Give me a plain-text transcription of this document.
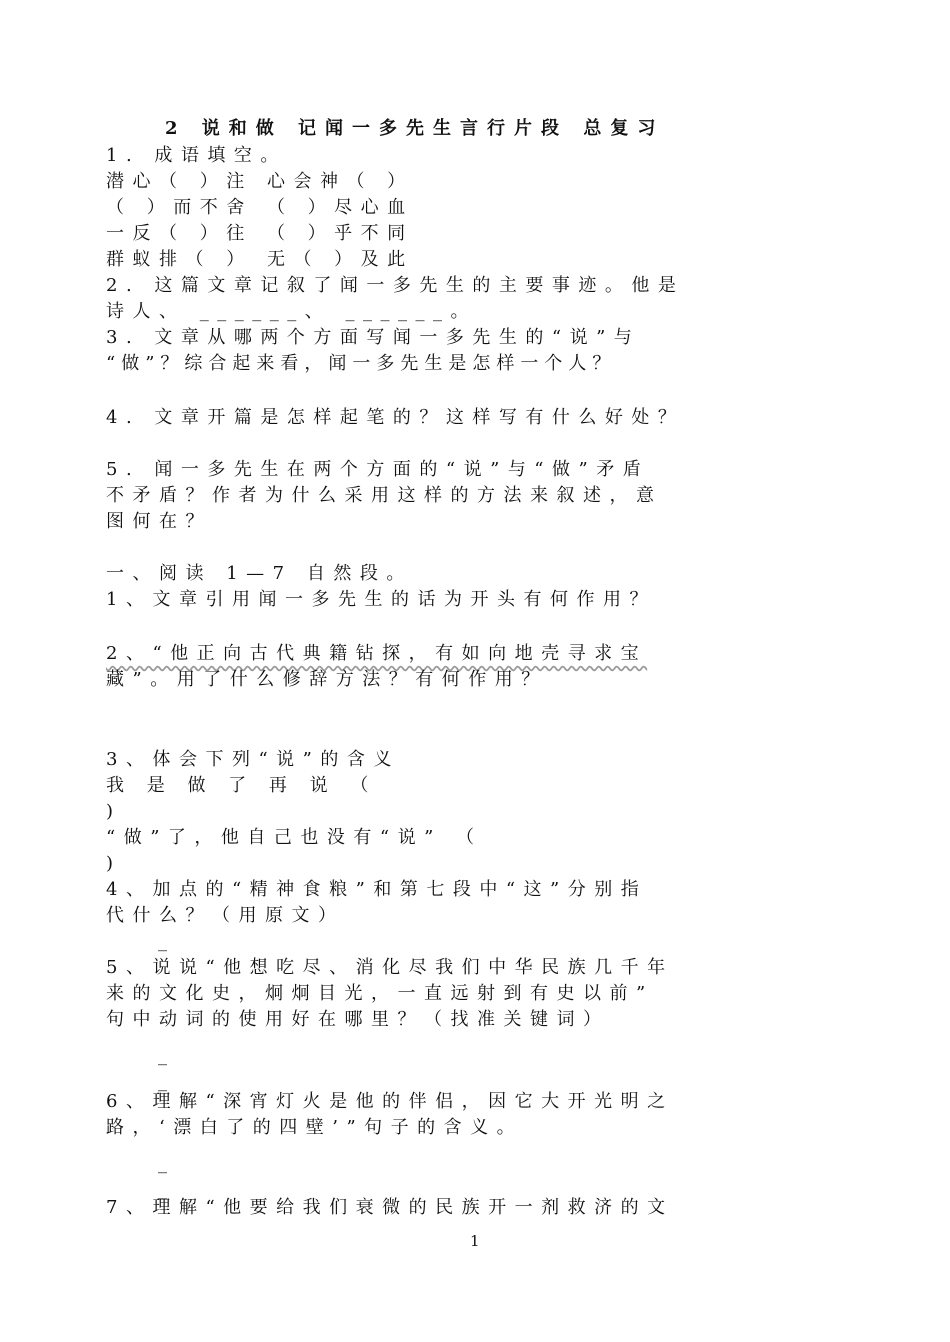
2 说和做 记闻一多先生言行片段 总复习
1. 成语填空。
潜心（ ）注 心会神（ ）
（ ）而不舍 （ ）尽心血
一反（ ）往 （ ）乎不同
群蚁排（ ） 无（ ）及此
2. 这篇文章记叙了闻一多先生的主要事迹。他是
诗人、 ______、 ______。
3. 文章从哪两个方面写闻一多先生的“说”与
“做”？综合起来看，闻一多先生是怎样一个人？
4. 文章开篇是怎样起笔的？这样写有什么好处？
5. 闻一多先生在两个方面的“说”与“做”矛盾
不矛盾？作者为什么采用这样的方法来叙述，意
图何在？
一、阅读 1—7 自然段。
1、文章引用闻一多先生的话为开头有何作用？
2、“他正向古代典籍钻探，有如向地壳寻求宝
藏”。用了什么修辞方法？有何作用？
3、体会下列“说”的含义
我 是 做 了 再 说 （
)
“做”了，他自己也没有“说” （
)
4、加点的“精神食粮”和第七段中“这”分别指
代什么？（用原文）
_
5、说说“他想吃尽、消化尽我们中华民族几千年
来的文化史，炯炯目光，一直远射到有史以前”
句中动词的使用好在哪里？（找准关键词）
_
_
6、理解“深宵灯火是他的伴侣，因它大开光明之
路，‘漂白了的四壁’”句子的含义。
_
_
7、理解“他要给我们衰微的民族开一剂救济的文
1
